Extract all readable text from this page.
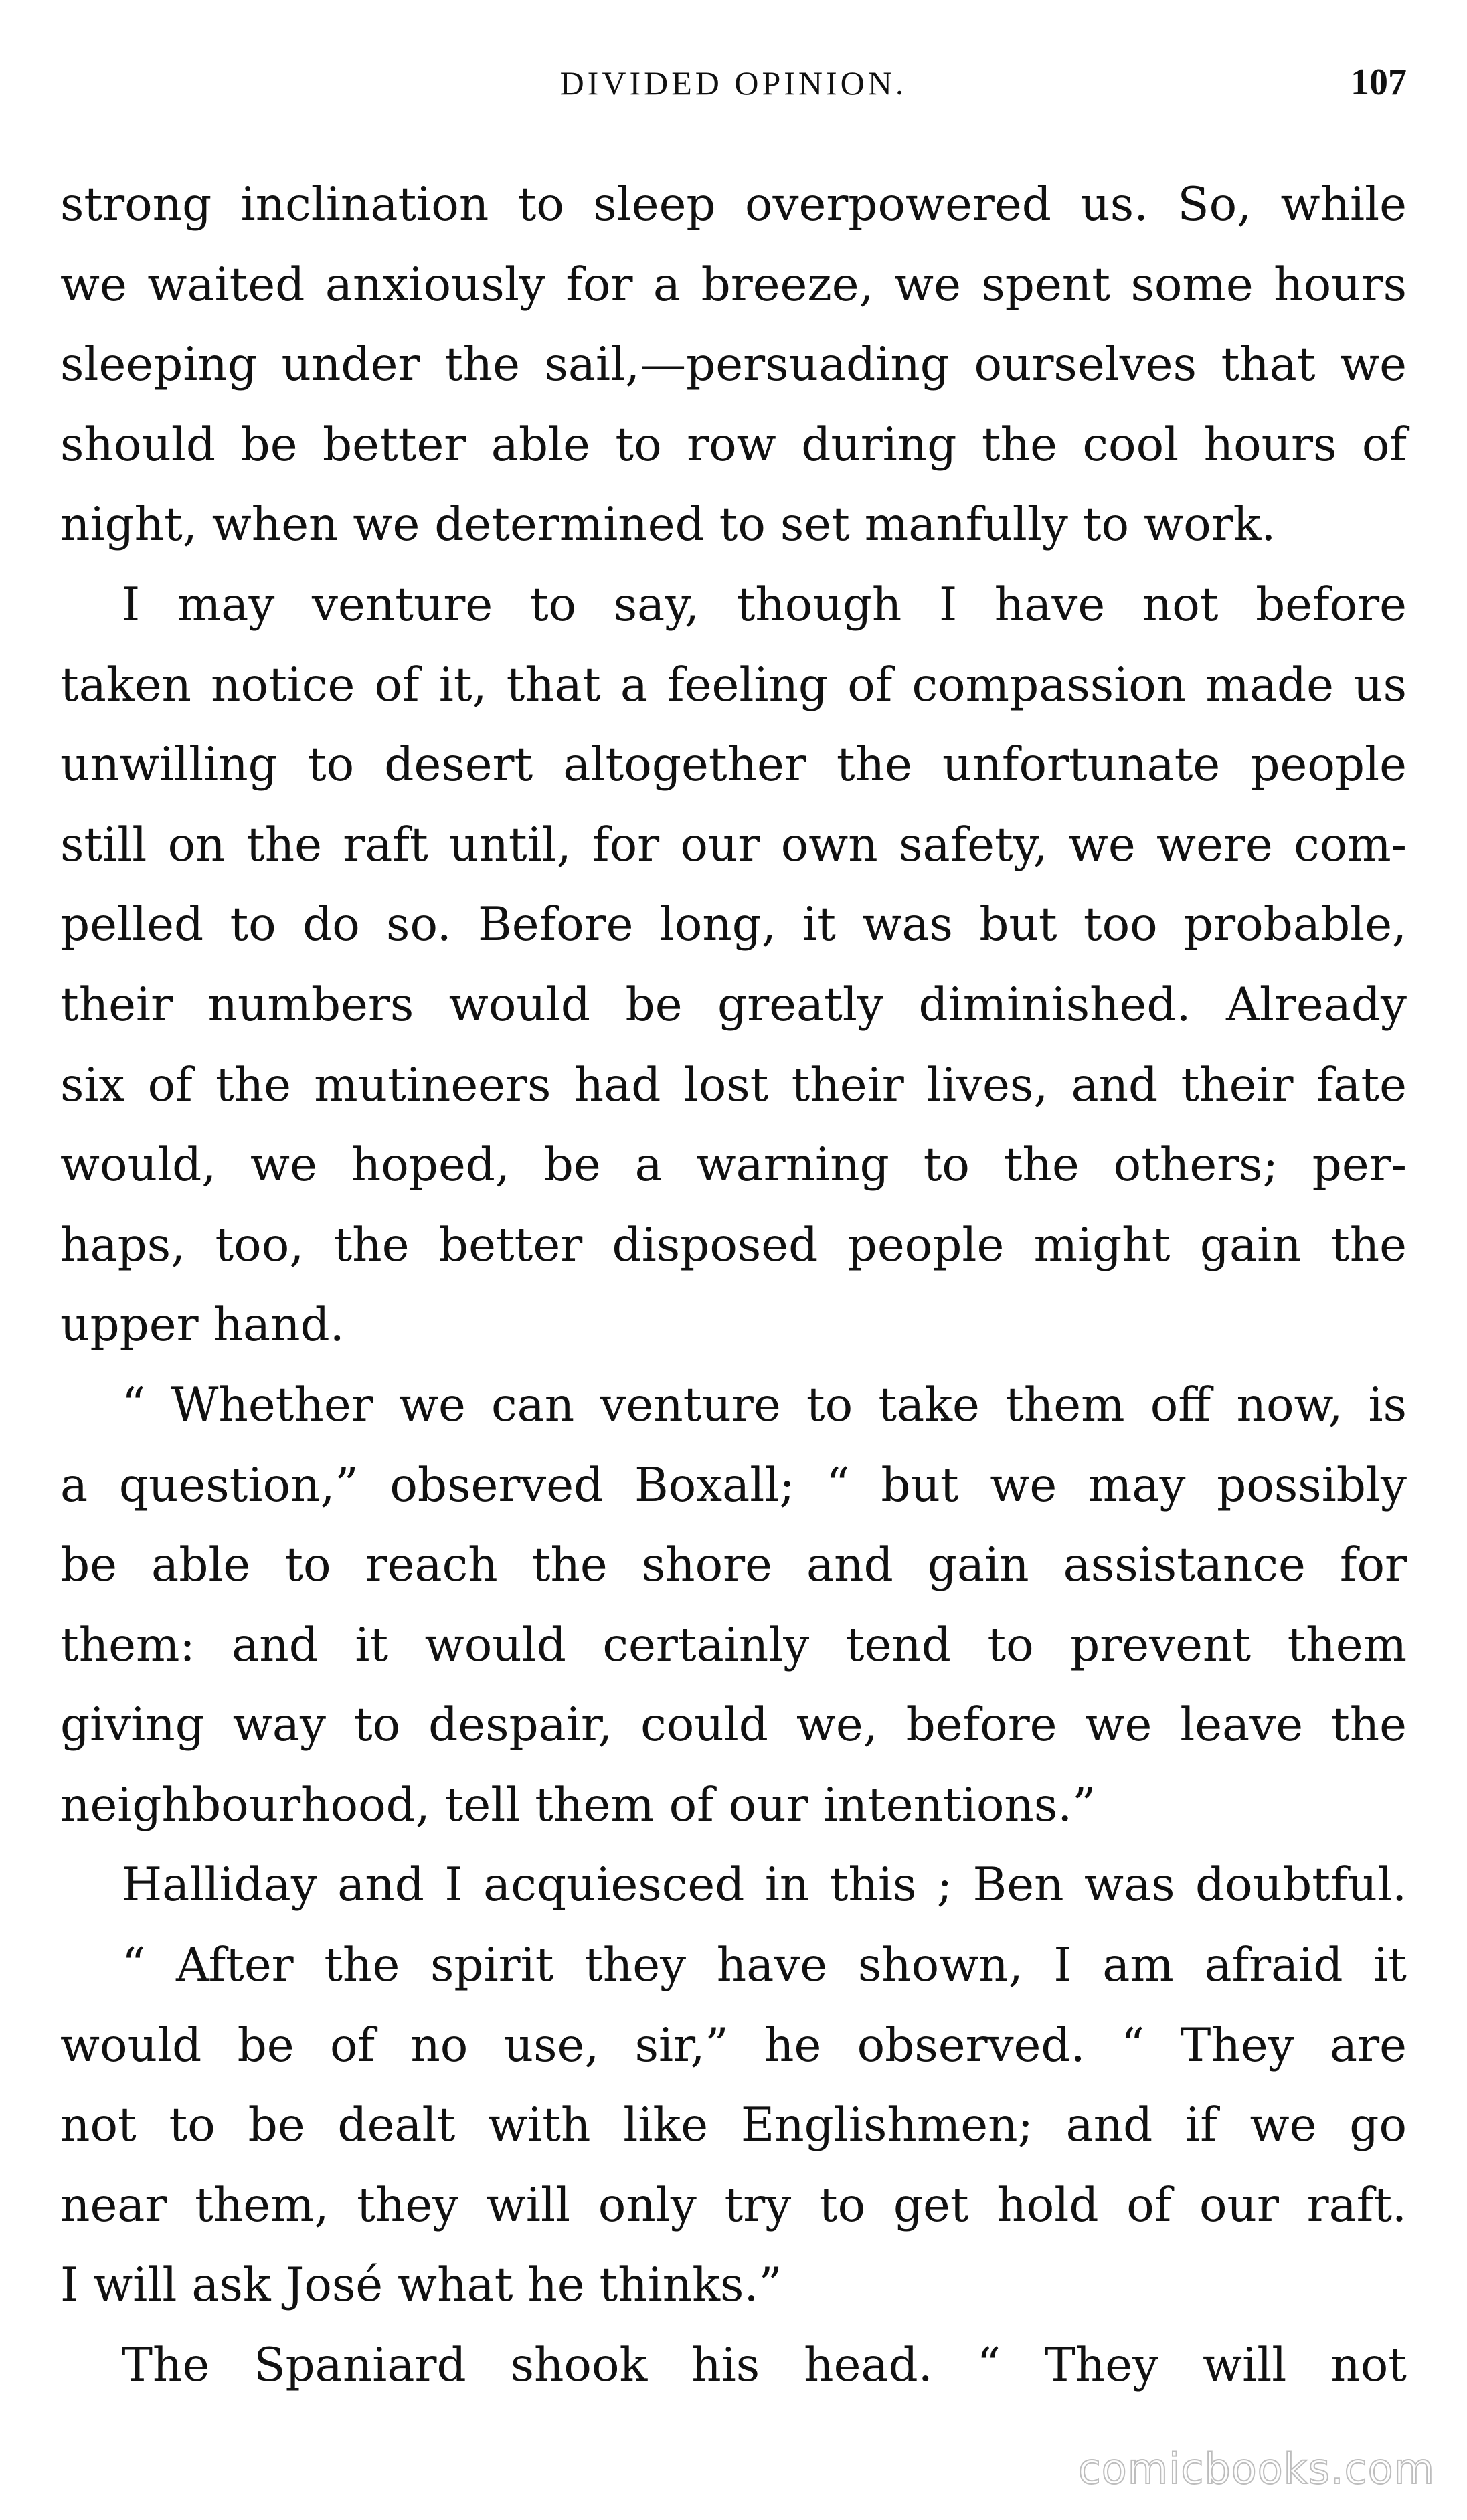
DIVIDED OPINION.	107
strong inclination to sleep overpowered us. So, while
we waited anxiously for a breeze, we spent some hours
sleeping under the sail,—persuading ourselves that we
should be better able to row during the cool hours of
night, when we determined to set manfully to work.
I may venture to say, though I have not before
taken notice of it, that a feeling of compassion made us
unwilling to desert altogether the unfortunate people
still on the raft until, for our own safety, we were com-
pelled to do so. Before long, it was but too probable,
their numbers would be greatly diminished. Already
six of the mutineers had lost their lives, and their fate
would, we hoped, be a warning to the others; per-
haps, too, the better disposed people might gain the
upper hand.
“ Whether we can venture to take them off now, is
a question,” observed Boxall; “ but we may possibly
be able to reach the shore and gain assistance for
them: and it would certainly tend to prevent them
giving way to despair, could we, before we leave the
neighbourhood, tell them of our intentions.”
Halliday and I acquiesced in this ; Ben was doubtful.
“ After the spirit they have shown, I am afraid it
would be of no use, sir,” he observed. “ They are
not to be dealt with like Englishmen; and if we go
near them, they will only try to get hold of our raft.
I will ask José what he thinks.”
The Spaniard shook his head. “ They will not
comicbooks.com
